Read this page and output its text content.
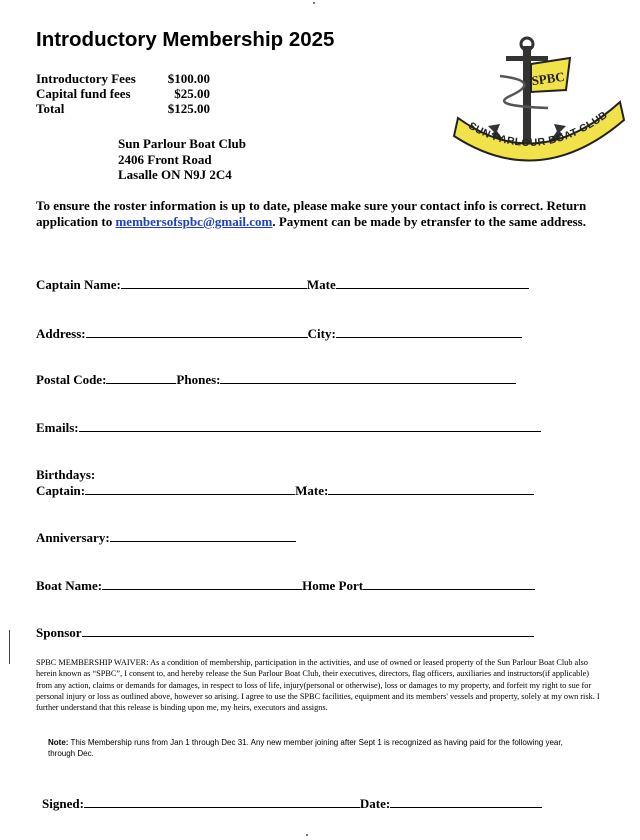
Introductory Membership 2025
Introductory Fees	$100.00
Capital fund fees	$25.00
Total	$125.00
Sun Parlour Boat Club
2406 Front Road
Lasalle ON N9J 2C4
SPBC
SUN PARLOUR BOAT CLUB
To ensure the roster information is up to date, please make sure your contact info is correct. Return application to membersofspbc@gmail.com. Payment can be made by etransfer to the same address.
Captain Name:	Mate
Address:	City:
Postal Code:	Phones:
Emails:
Birthdays:
Captain:	Mate:
Anniversary:
Boat Name:	Home Port
Sponsor
SPBC MEMBERSHIP WAIVER: As a condition of membership, participation in the activities, and use of owned or leased property of the Sun Parlour Boat Club also herein known as “SPBC”, I consent to, and hereby release the Sun Parlour Boat Club, their executives, directors, flag officers, auxiliaries and instructors(if applicable) from any action, claims or demands for damages, in respect to loss of life, injury(personal or otherwise), loss or damages to my property, and forfeit my right to sue for personal injury or loss as outlined above, however so arising. I agree to use the SPBC facilities, equipment and its members' vessels and property, solely at my own risk. I further understand that this release is binding upon me, my heirs, executors and assigns.
Note: This Membership runs from Jan 1 through Dec 31. Any new member joining after Sept 1 is recognized as having paid for the following year, through Dec.
Signed:	Date:
